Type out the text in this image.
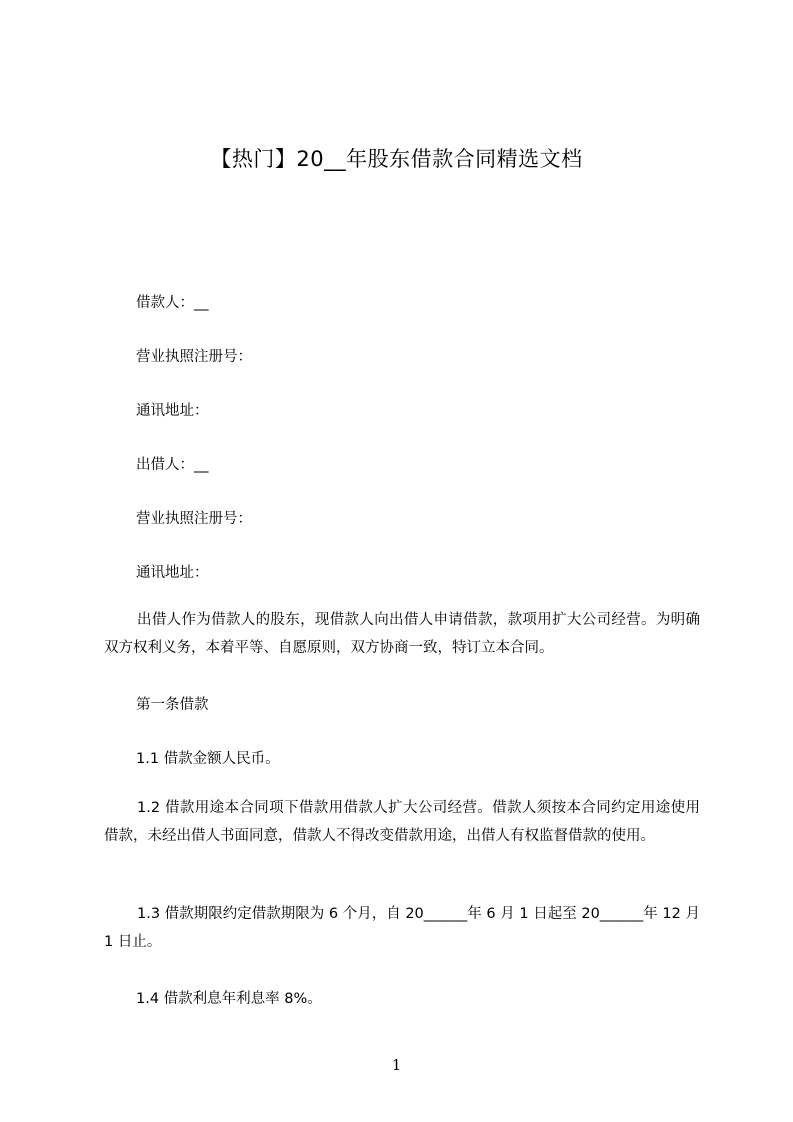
【热门】20__年股东借款合同精选文档
借款人：__
营业执照注册号：
通讯地址：
出借人：__
营业执照注册号：
通讯地址：
出借人作为借款人的股东，现借款人向出借人申请借款，款项用扩大公司经营。为明确双方权利义务，本着平等、自愿原则，双方协商一致，特订立本合同。
第一条借款
1.1 借款金额人民币。
1.2 借款用途本合同项下借款用借款人扩大公司经营。借款人须按本合同约定用途使用借款，未经出借人书面同意，借款人不得改变借款用途，出借人有权监督借款的使用。
1.3 借款期限约定借款期限为 6 个月，自 20______年 6 月 1 日起至 20______年 12 月 1 日止。
1.4 借款利息年利息率 8%。
1
